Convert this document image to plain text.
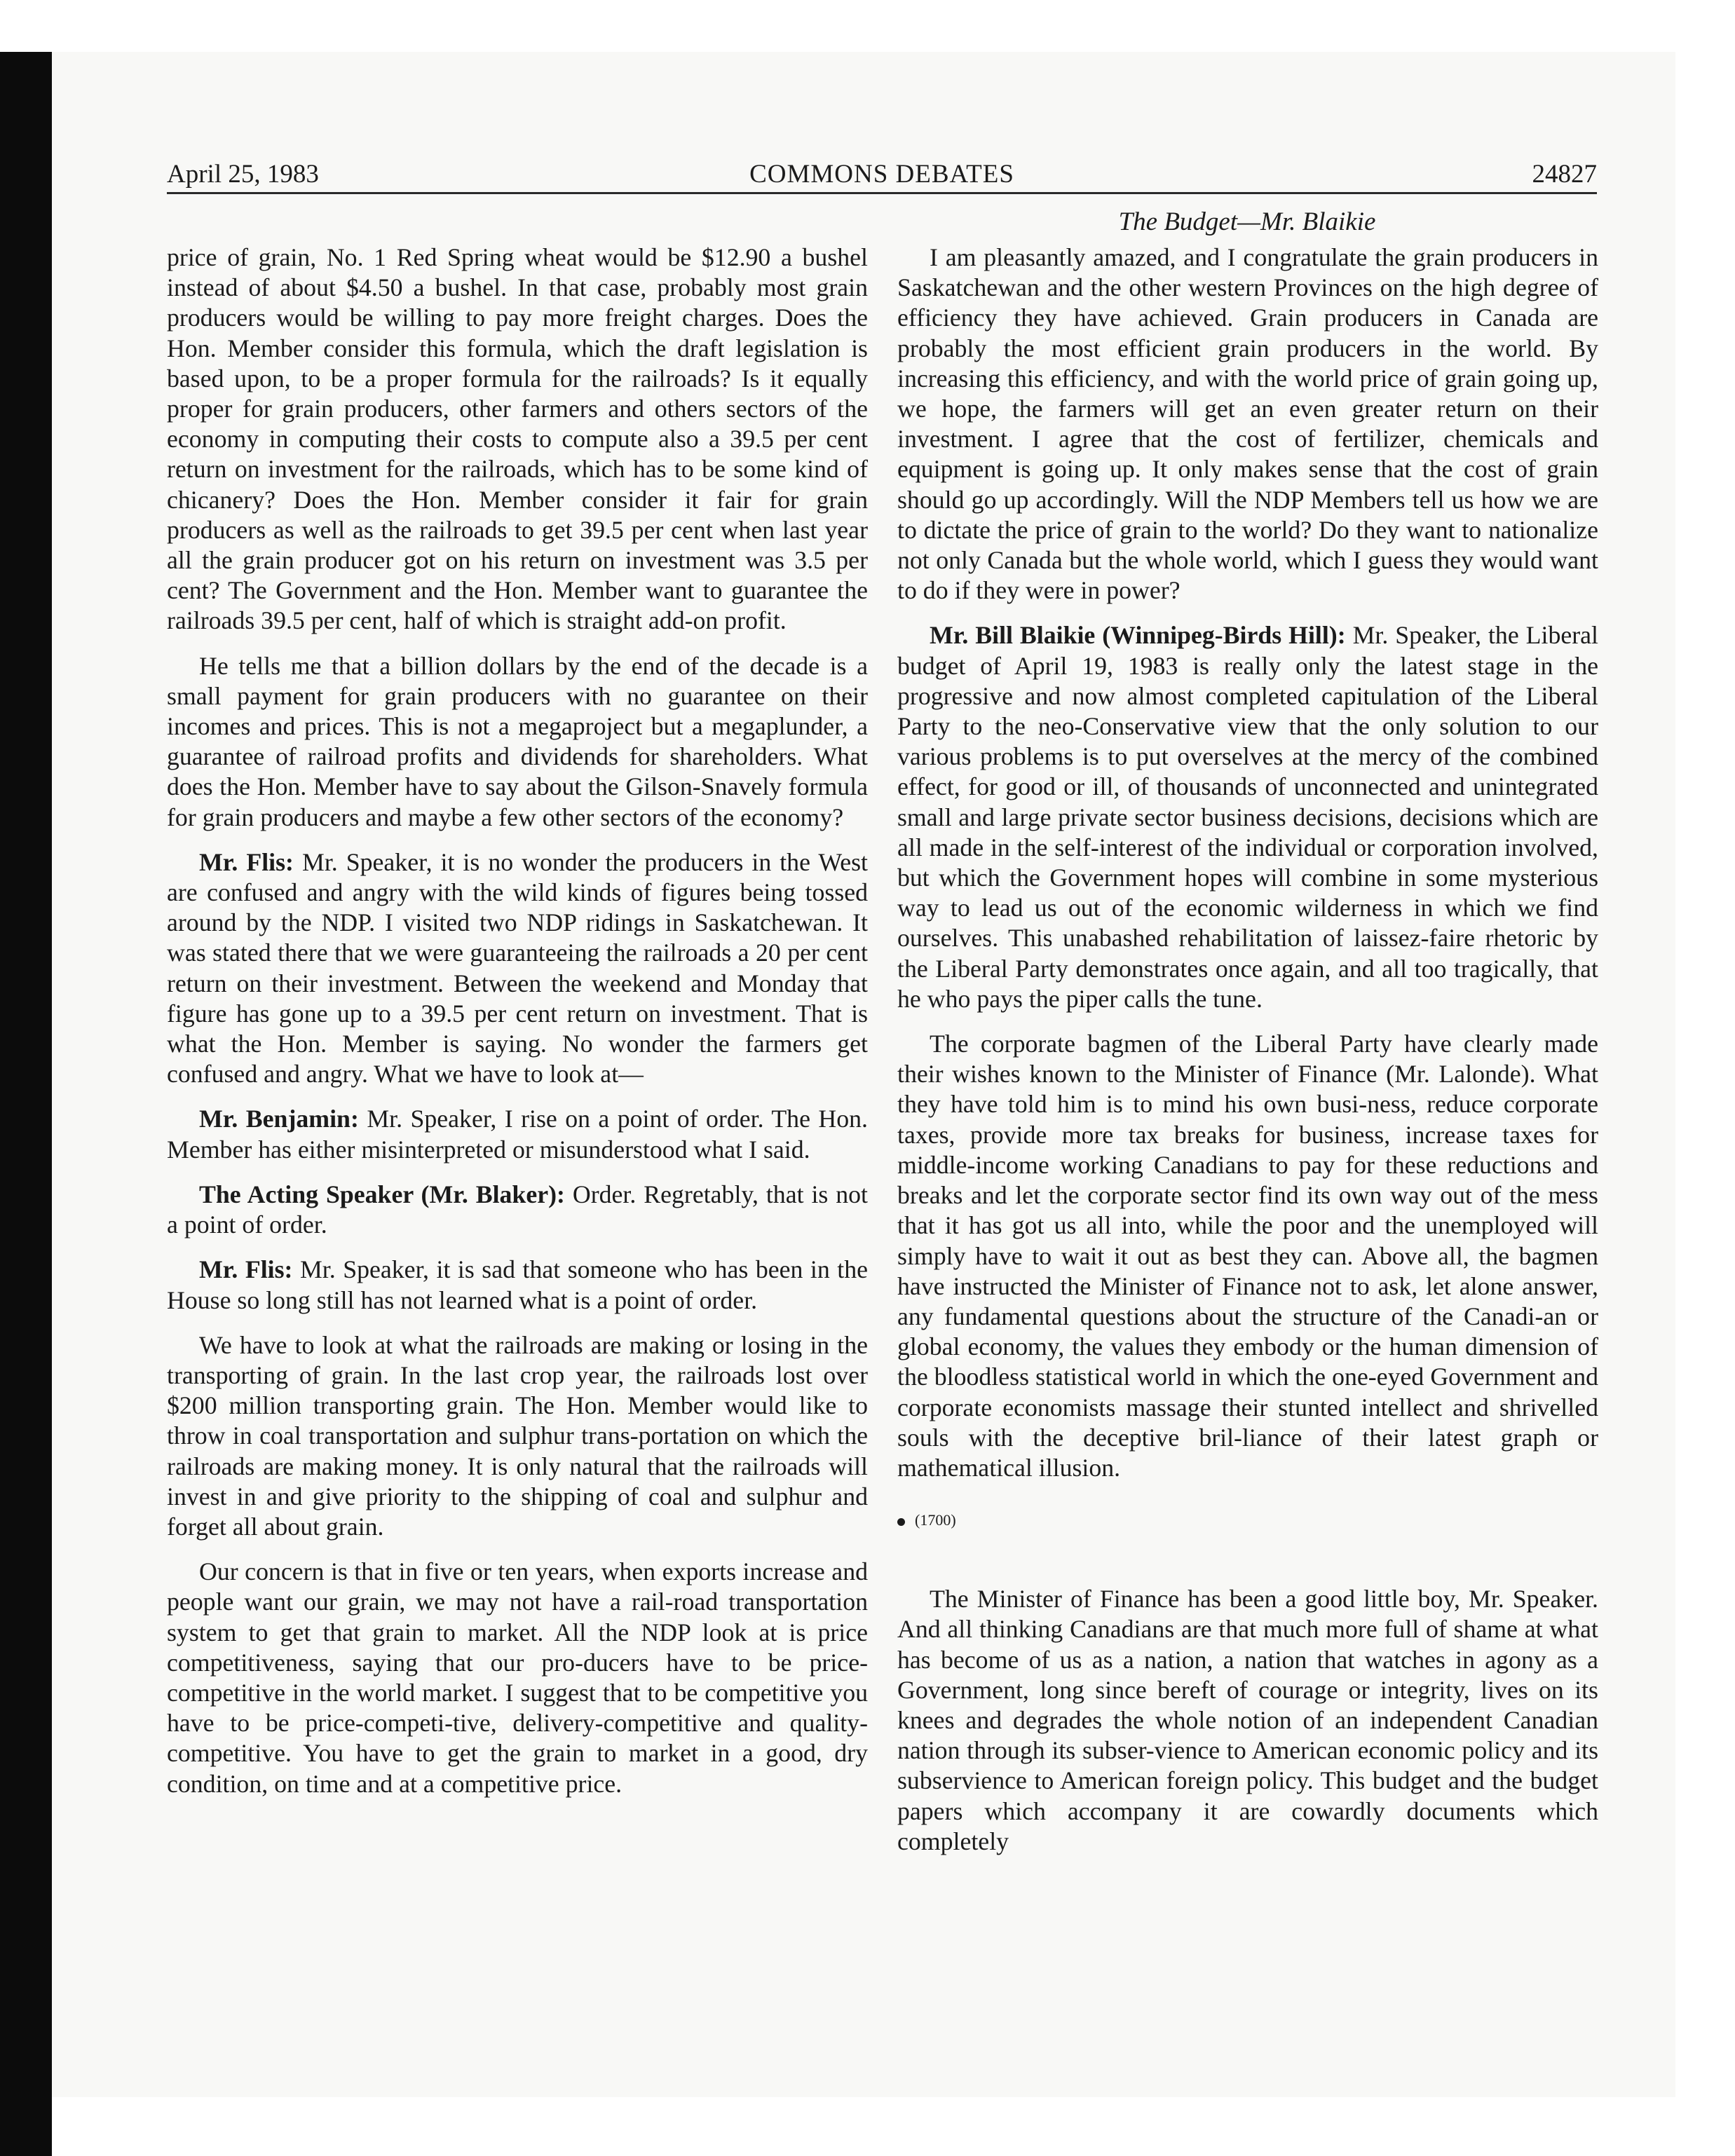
COMMONS DEBATES
April 25, 1983	24827
The Budget—Mr. Blaikie

price of grain, No. 1 Red Spring wheat would be $12.90 a bushel instead of about $4.50 a bushel. In that case, probably most grain producers would be willing to pay more freight charges. Does the Hon. Member consider this formula, which the draft legislation is based upon, to be a proper formula for the railroads? Is it equally proper for grain producers, other farmers and others sectors of the economy in computing their costs to compute also a 39.5 per cent return on investment for the railroads, which has to be some kind of chicanery? Does the Hon. Member consider it fair for grain producers as well as the railroads to get 39.5 per cent when last year all the grain producer got on his return on investment was 3.5 per cent? The Government and the Hon. Member want to guarantee the railroads 39.5 per cent, half of which is straight add-on profit.

He tells me that a billion dollars by the end of the decade is a small payment for grain producers with no guarantee on their incomes and prices. This is not a megaproject but a megaplunder, a guarantee of railroad profits and dividends for shareholders. What does the Hon. Member have to say about the Gilson-Snavely formula for grain producers and maybe a few other sectors of the economy?

Mr. Flis: Mr. Speaker, it is no wonder the producers in the West are confused and angry with the wild kinds of figures being tossed around by the NDP. I visited two NDP ridings in Saskatchewan. It was stated there that we were guaranteeing the railroads a 20 per cent return on their investment. Between the weekend and Monday that figure has gone up to a 39.5 per cent return on investment. That is what the Hon. Member is saying. No wonder the farmers get confused and angry. What we have to look at—

Mr. Benjamin: Mr. Speaker, I rise on a point of order. The Hon. Member has either misinterpreted or misunderstood what I said.

The Acting Speaker (Mr. Blaker): Order. Regretably, that is not a point of order.

Mr. Flis: Mr. Speaker, it is sad that someone who has been in the House so long still has not learned what is a point of order.

We have to look at what the railroads are making or losing in the transporting of grain. In the last crop year, the railroads lost over $200 million transporting grain. The Hon. Member would like to throw in coal transportation and sulphur trans-portation on which the railroads are making money. It is only natural that the railroads will invest in and give priority to the shipping of coal and sulphur and forget all about grain.

Our concern is that in five or ten years, when exports increase and people want our grain, we may not have a rail-road transportation system to get that grain to market. All the NDP look at is price competitiveness, saying that our pro-ducers have to be price-competitive in the world market. I suggest that to be competitive you have to be price-competi-tive, delivery-competitive and quality-competitive. You have to get the grain to market in a good, dry condition, on time and at a competitive price.

I am pleasantly amazed, and I congratulate the grain producers in Saskatchewan and the other western Provinces on the high degree of efficiency they have achieved. Grain producers in Canada are probably the most efficient grain producers in the world. By increasing this efficiency, and with the world price of grain going up, we hope, the farmers will get an even greater return on their investment. I agree that the cost of fertilizer, chemicals and equipment is going up. It only makes sense that the cost of grain should go up accordingly. Will the NDP Members tell us how we are to dictate the price of grain to the world? Do they want to nationalize not only Canada but the whole world, which I guess they would want to do if they were in power?

Mr. Bill Blaikie (Winnipeg-Birds Hill): Mr. Speaker, the Liberal budget of April 19, 1983 is really only the latest stage in the progressive and now almost completed capitulation of the Liberal Party to the neo-Conservative view that the only solution to our various problems is to put overselves at the mercy of the combined effect, for good or ill, of thousands of unconnected and unintegrated small and large private sector business decisions, decisions which are all made in the self-interest of the individual or corporation involved, but which the Government hopes will combine in some mysterious way to lead us out of the economic wilderness in which we find ourselves. This unabashed rehabilitation of laissez-faire rhetoric by the Liberal Party demonstrates once again, and all too tragically, that he who pays the piper calls the tune.

The corporate bagmen of the Liberal Party have clearly made their wishes known to the Minister of Finance (Mr. Lalonde). What they have told him is to mind his own busi-ness, reduce corporate taxes, provide more tax breaks for business, increase taxes for middle-income working Canadians to pay for these reductions and breaks and let the corporate sector find its own way out of the mess that it has got us all into, while the poor and the unemployed will simply have to wait it out as best they can. Above all, the bagmen have instructed the Minister of Finance not to ask, let alone answer, any fundamental questions about the structure of the Canadi-an or global economy, the values they embody or the human dimension of the bloodless statistical world in which the one-eyed Government and corporate economists massage their stunted intellect and shrivelled souls with the deceptive bril-liance of their latest graph or mathematical illusion.

(1700)

The Minister of Finance has been a good little boy, Mr. Speaker. And all thinking Canadians are that much more full of shame at what has become of us as a nation, a nation that watches in agony as a Government, long since bereft of courage or integrity, lives on its knees and degrades the whole notion of an independent Canadian nation through its subser-vience to American economic policy and its subservience to American foreign policy. This budget and the budget papers which accompany it are cowardly documents which completely
